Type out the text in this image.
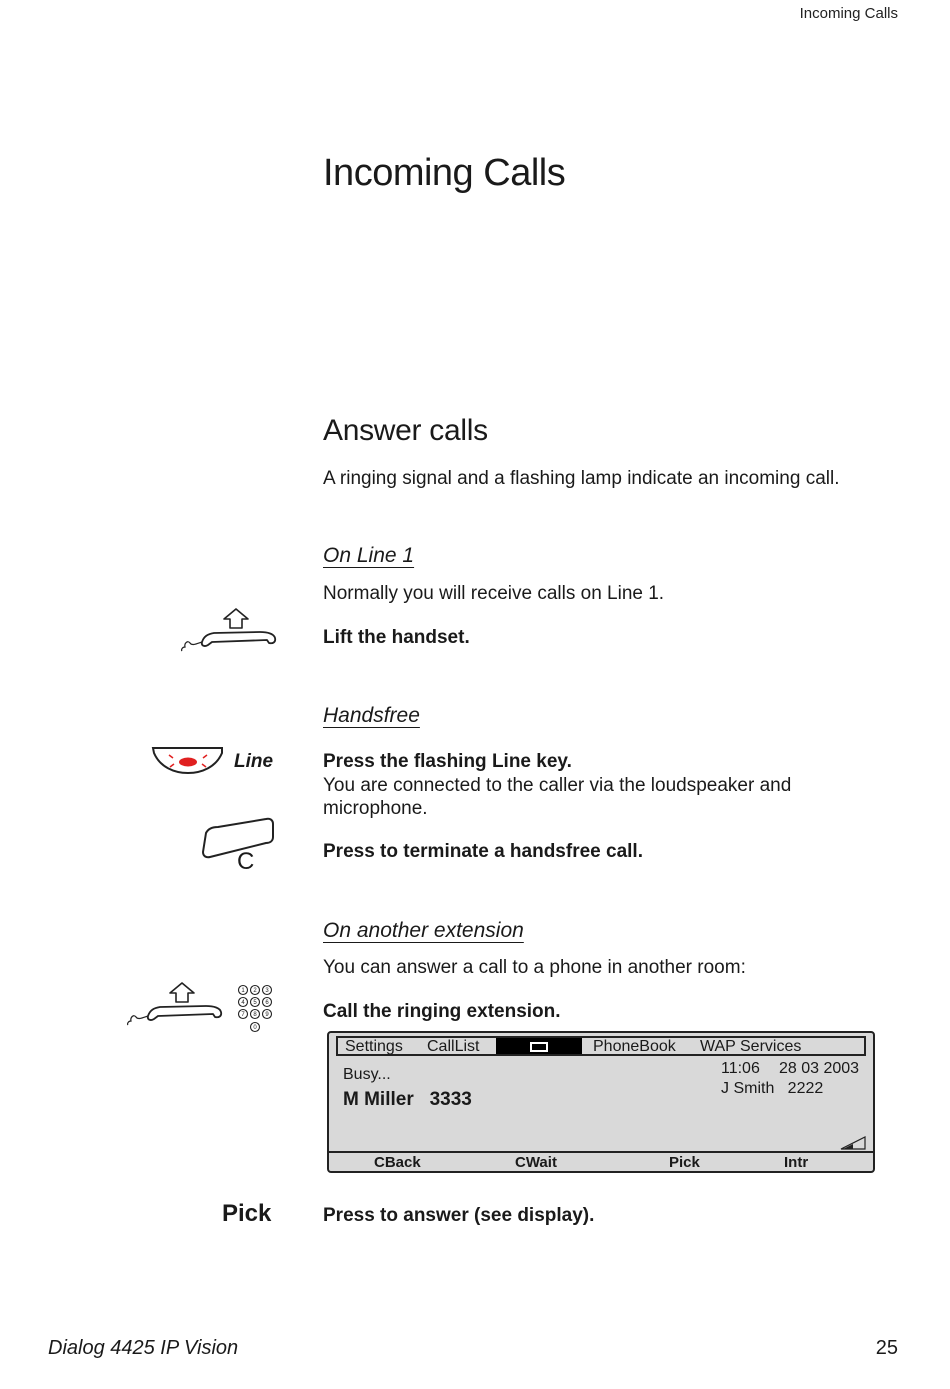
Incoming Calls
Incoming Calls
Answer calls
A ringing signal and a flashing lamp indicate an incoming call.
On Line 1
Normally you will receive calls on Line 1.
Lift the handset.
Handsfree
Line	Press the flashing Line key.
You are connected to the caller via the loudspeaker and microphone.
C	Press to terminate a handsfree call.
On another extension
You can answer a call to a phone in another room:
1 2 3
4 5 6
7 8 9
0
Call the ringing extension.
Settings CallList	PhoneBook WAP Services
Busy...	11:06 28 03 2003
J Smith   2222
M Miller   3333
CBack	CWait	Pick	Intr
Pick	Press to answer (see display).
Dialog 4425 IP Vision	25
